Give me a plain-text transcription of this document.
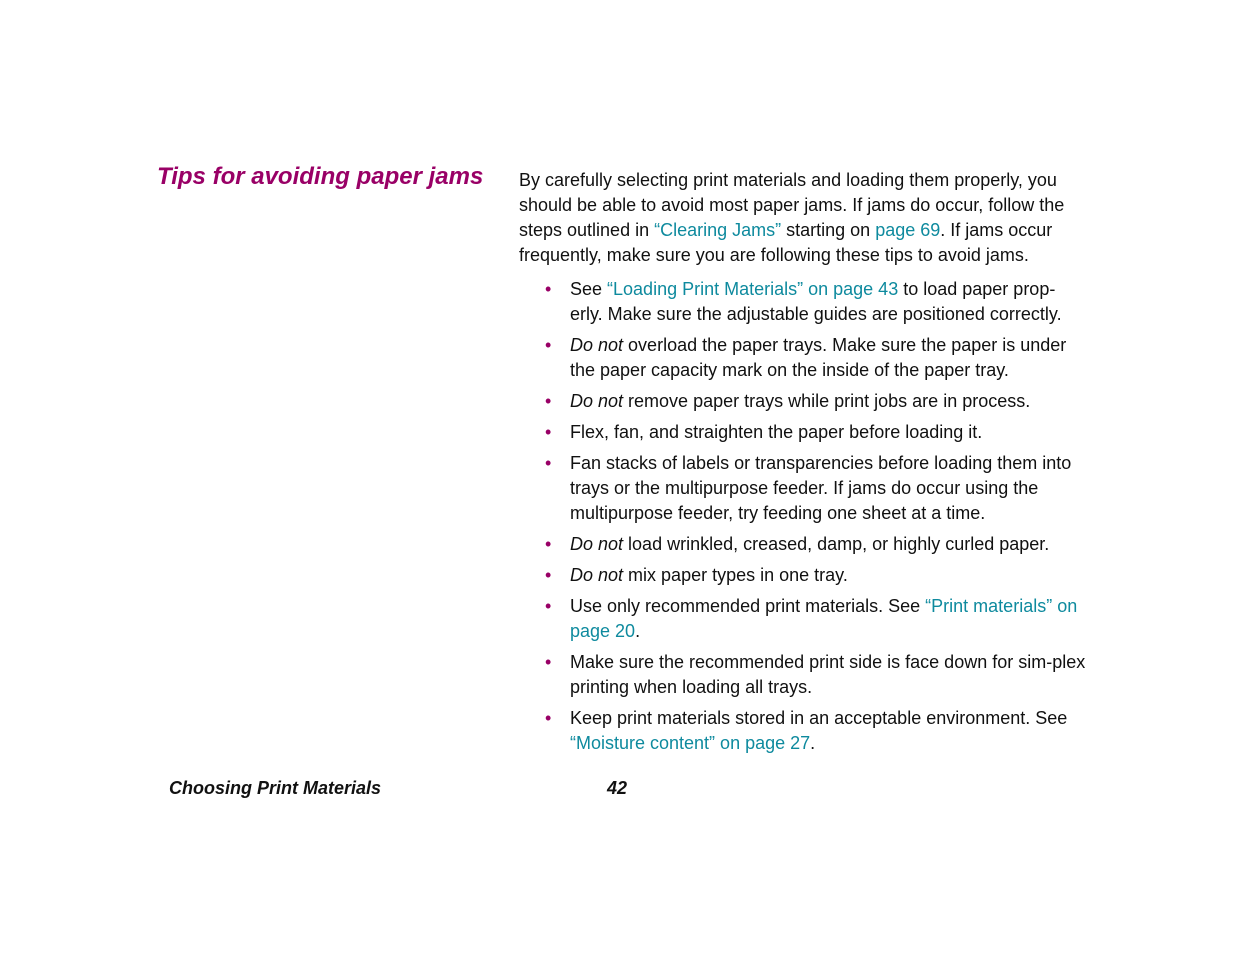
Tips for avoiding paper jams By carefully selecting print materials and loading them properly, you should be able to avoid most paper jams. If jams do occur, follow the steps outlined in “Clearing Jams” starting on page 69. If jams occur frequently, make sure you are following these tips to avoid jams.

• See “Loading Print Materials” on page 43 to load paper prop-erly. Make sure the adjustable guides are positioned correctly.
• Do not overload the paper trays. Make sure the paper is under the paper capacity mark on the inside of the paper tray.
• Do not remove paper trays while print jobs are in process.
• Flex, fan, and straighten the paper before loading it.
• Fan stacks of labels or transparencies before loading them into trays or the multipurpose feeder. If jams do occur using the multipurpose feeder, try feeding one sheet at a time.
• Do not load wrinkled, creased, damp, or highly curled paper.
• Do not mix paper types in one tray.
• Use only recommended print materials. See “Print materials” on page 20.
• Make sure the recommended print side is face down for sim-plex printing when loading all trays.
• Keep print materials stored in an acceptable environment. See “Moisture content” on page 27.
Choosing Print Materials	42
